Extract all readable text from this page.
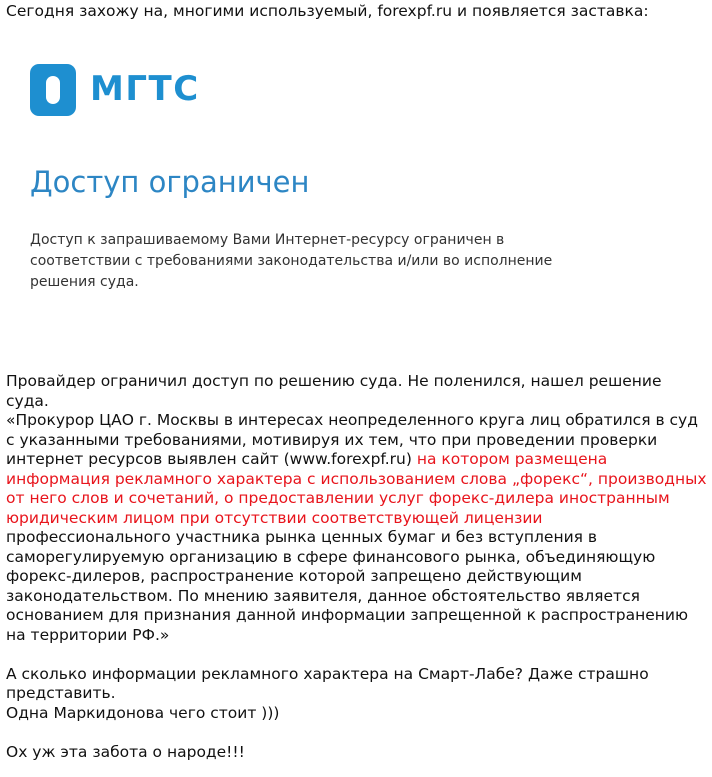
Сегодня захожу на, многими используемый, forexpf.ru и появляется заставка:
МГТС
Доступ ограничен
Доступ к запрашиваемому Вами Интернет-ресурсу ограничен в соответствии с требованиями законодательства и/или во исполнение решения суда.

Провайдер ограничил доступ по решению суда. Не поленился, нашел решение суда.

«Прокурор ЦАО г. Москвы в интересах неопределенного круга лиц обратился в суд с указанными требованиями, мотивируя их тем, что при проведении проверки интернет ресурсов выявлен сайт (www.forexpf.ru) на котором размещена информация рекламного характера с использованием слова „форекс“, производных от него слов и сочетаний, о предоставлении услуг форекс-дилера иностранным юридическим лицом при отсутствии соответствующей лицензии профессионального участника рынка ценных бумаг и без вступления в саморегулируемую организацию в сфере финансового рынка, объединяющую форекс-дилеров, распространение которой запрещено действующим законодательством. По мнению заявителя, данное обстоятельство является основанием для признания данной информации запрещенной к распространению на территории РФ.»

А сколько информации рекламного характера на Смарт-Лабе? Даже страшно представить.

Одна Маркидонова чего стоит )))

Ох уж эта забота о народе!!!
